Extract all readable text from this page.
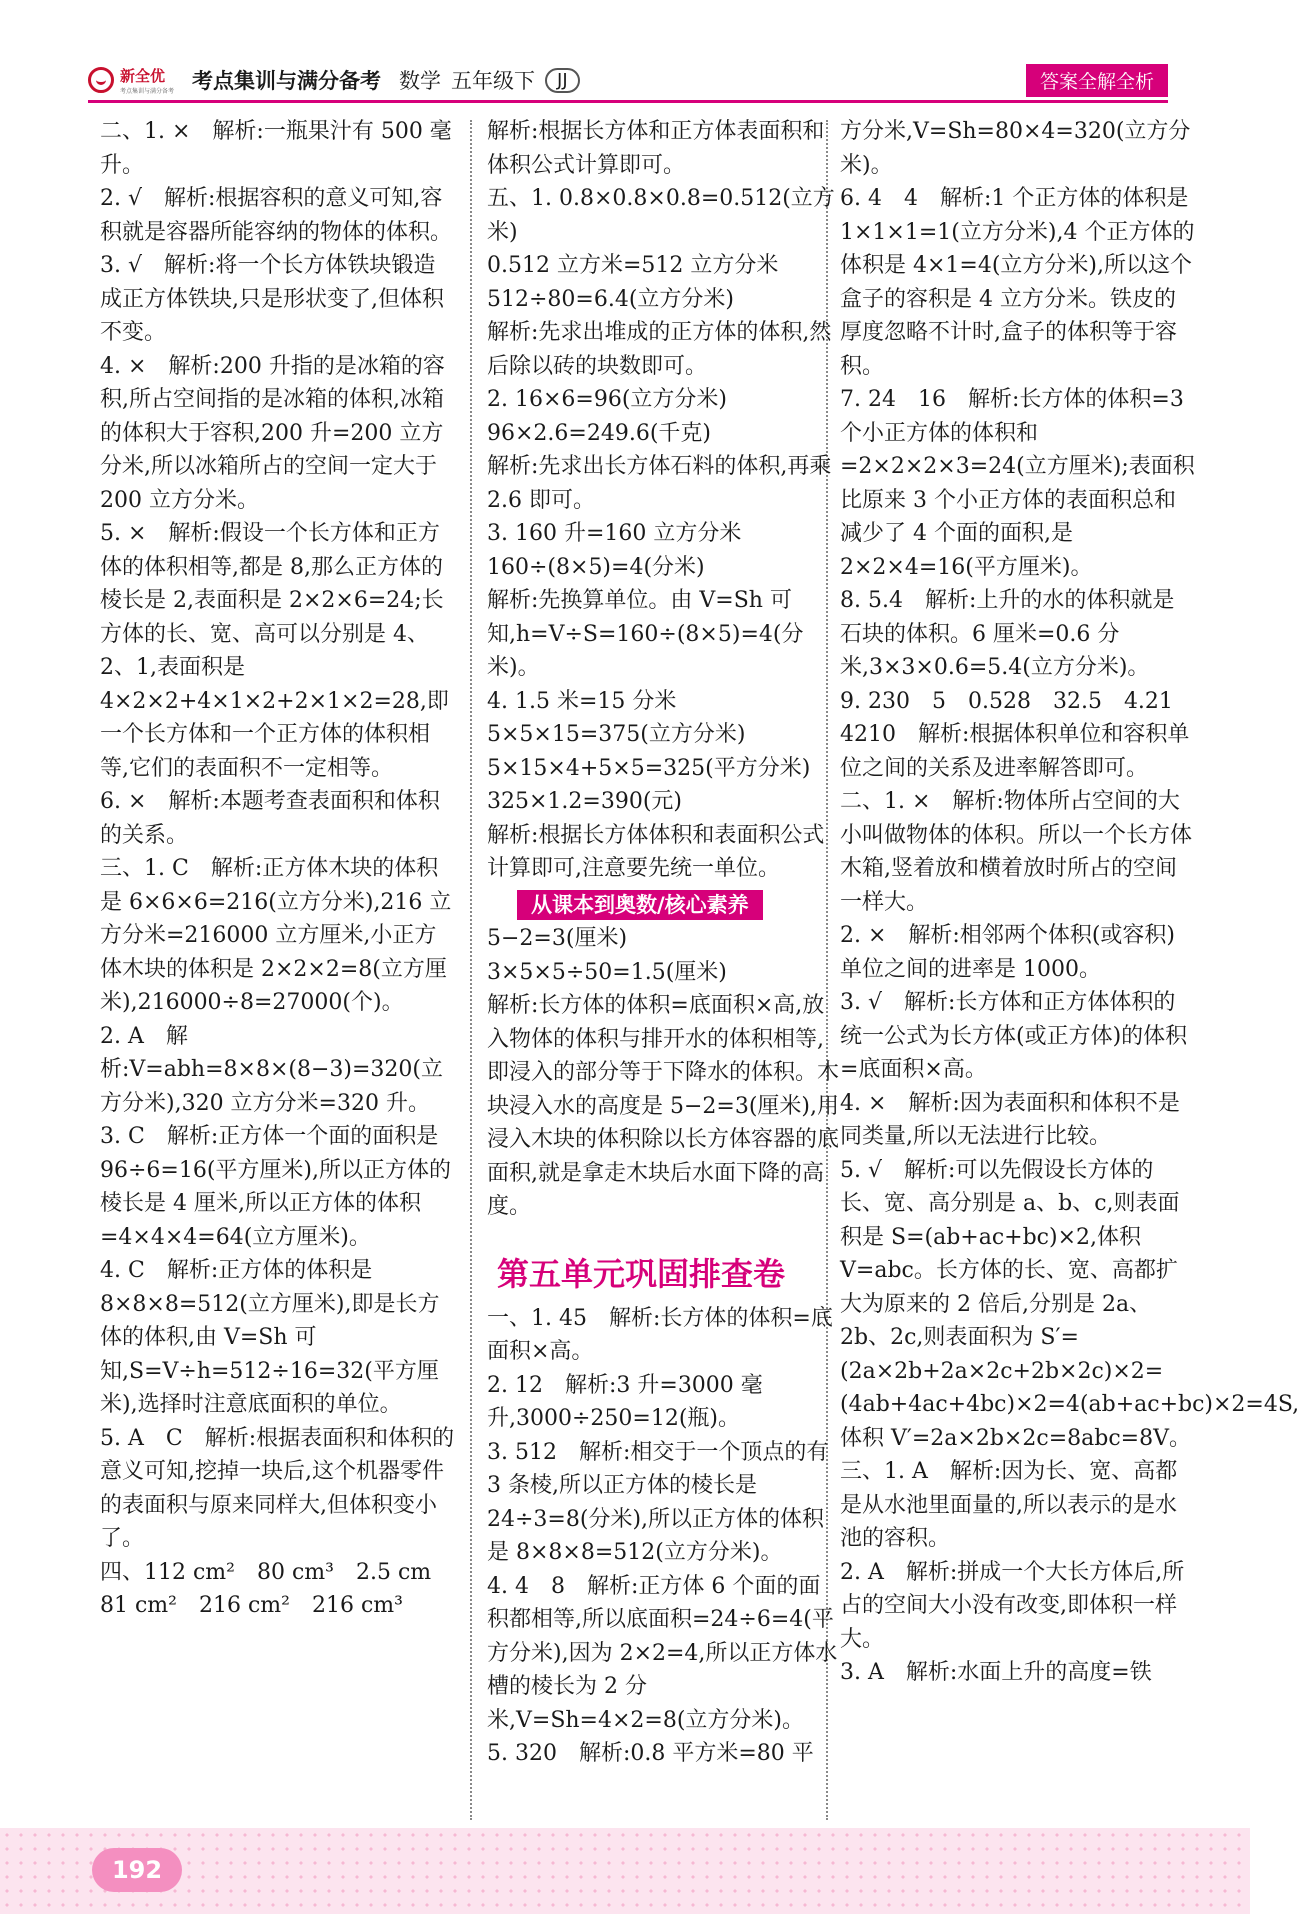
新全优
考点集训与满分备考 考点集训与满分备考 数学 五年级下	JJ	答案全解全析

二、1. ×　解析:一瓶果汁有 500 毫升。

2. √　解析:根据容积的意义可知,容积就是容器所能容纳的物体的体积。

3. √　解析:将一个长方体铁块锻造成正方体铁块,只是形状变了,但体积不变。

4. ×　解析:200 升指的是冰箱的容积,所占空间指的是冰箱的体积,冰箱的体积大于容积,200 升=200 立方分米,所以冰箱所占的空间一定大于 200 立方分米。

5. ×　解析:假设一个长方体和正方体的体积相等,都是 8,那么正方体的棱长是 2,表面积是 2×2×6=24;长方体的长、宽、高可以分别是 4、2、1,表面积是 4×2×2+4×1×2+2×1×2=28,即一个长方体和一个正方体的体积相等,它们的表面积不一定相等。

6. ×　解析:本题考查表面积和体积的关系。

三、1. C　解析:正方体木块的体积是 6×6×6=216(立方分米),216 立方分米=216000 立方厘米,小正方体木块的体积是 2×2×2=8(立方厘米),216000÷8=27000(个)。

2. A　解析:V=abh=8×8×(8−3)=320(立方分米),320 立方分米=320 升。

3. C　解析:正方体一个面的面积是 96÷6=16(平方厘米),所以正方体的棱长是 4 厘米,所以正方体的体积=4×4×4=64(立方厘米)。

4. C　解析:正方体的体积是 8×8×8=512(立方厘米),即是长方体的体积,由 V=Sh 可知,S=V÷h=512÷16=32(平方厘米),选择时注意底面积的单位。

5. A　C　解析:根据表面积和体积的意义可知,挖掉一块后,这个机器零件的表面积与原来同样大,但体积变小了。

四、112 cm²　80 cm³　2.5 cm

81 cm²　216 cm²　216 cm³

解析:根据长方体和正方体表面积和体积公式计算即可。

五、1. 0.8×0.8×0.8=0.512(立方米)

0.512 立方米=512 立方分米

512÷80=6.4(立方分米)

解析:先求出堆成的正方体的体积,然后除以砖的块数即可。

2. 16×6=96(立方分米)

96×2.6=249.6(千克)

解析:先求出长方体石料的体积,再乘 2.6 即可。

3. 160 升=160 立方分米

160÷(8×5)=4(分米)

解析:先换算单位。由 V=Sh 可知,h=V÷S=160÷(8×5)=4(分米)。

4. 1.5 米=15 分米

5×5×15=375(立方分米)

5×15×4+5×5=325(平方分米)

325×1.2=390(元)

解析:根据长方体体积和表面积公式计算即可,注意要先统一单位。

从课本到奥数/核心素养

5−2=3(厘米)

3×5×5÷50=1.5(厘米)

解析:长方体的体积=底面积×高,放入物体的体积与排开水的体积相等,即浸入的部分等于下降水的体积。木块浸入水的高度是 5−2=3(厘米),用浸入木块的体积除以长方体容器的底面积,就是拿走木块后水面下降的高度。

第五单元巩固排查卷

一、1. 45　解析:长方体的体积=底面积×高。

2. 12　解析:3 升=3000 毫升,3000÷250=12(瓶)。

3. 512　解析:相交于一个顶点的有 3 条棱,所以正方体的棱长是 24÷3=8(分米),所以正方体的体积是 8×8×8=512(立方分米)。

4. 4　8　解析:正方体 6 个面的面积都相等,所以底面积=24÷6=4(平方分米),因为 2×2=4,所以正方体水槽的棱长为 2 分米,V=Sh=4×2=8(立方分米)。

5. 320　解析:0.8 平方米=80 平

方分米,V=Sh=80×4=320(立方分米)。

6. 4　4　解析:1 个正方体的体积是 1×1×1=1(立方分米),4 个正方体的体积是 4×1=4(立方分米),所以这个盒子的容积是 4 立方分米。铁皮的厚度忽略不计时,盒子的体积等于容积。

7. 24　16　解析:长方体的体积=3 个小正方体的体积和=2×2×2×3=24(立方厘米);表面积比原来 3 个小正方体的表面积总和减少了 4 个面的面积,是 2×2×4=16(平方厘米)。

8. 5.4　解析:上升的水的体积就是石块的体积。6 厘米=0.6 分米,3×3×0.6=5.4(立方分米)。

9. 230　5　0.528　32.5　4.21

4210　解析:根据体积单位和容积单位之间的关系及进率解答即可。

二、1. ×　解析:物体所占空间的大小叫做物体的体积。所以一个长方体木箱,竖着放和横着放时所占的空间一样大。

2. ×　解析:相邻两个体积(或容积)单位之间的进率是 1000。

3. √　解析:长方体和正方体体积的统一公式为长方体(或正方体)的体积=底面积×高。

4. ×　解析:因为表面积和体积不是同类量,所以无法进行比较。

5. √　解析:可以先假设长方体的长、宽、高分别是 a、b、c,则表面积是 S=(ab+ac+bc)×2,体积 V=abc。长方体的长、宽、高都扩大为原来的 2 倍后,分别是 2a、2b、2c,则表面积为 S′=(2a×2b+2a×2c+2b×2c)×2=(4ab+4ac+4bc)×2=4(ab+ac+bc)×2=4S,体积 V′=2a×2b×2c=8abc=8V。

三、1. A　解析:因为长、宽、高都是从水池里面量的,所以表示的是水池的容积。

2. A　解析:拼成一个大长方体后,所占的空间大小没有改变,即体积一样大。

3. A　解析:水面上升的高度=铁

192
